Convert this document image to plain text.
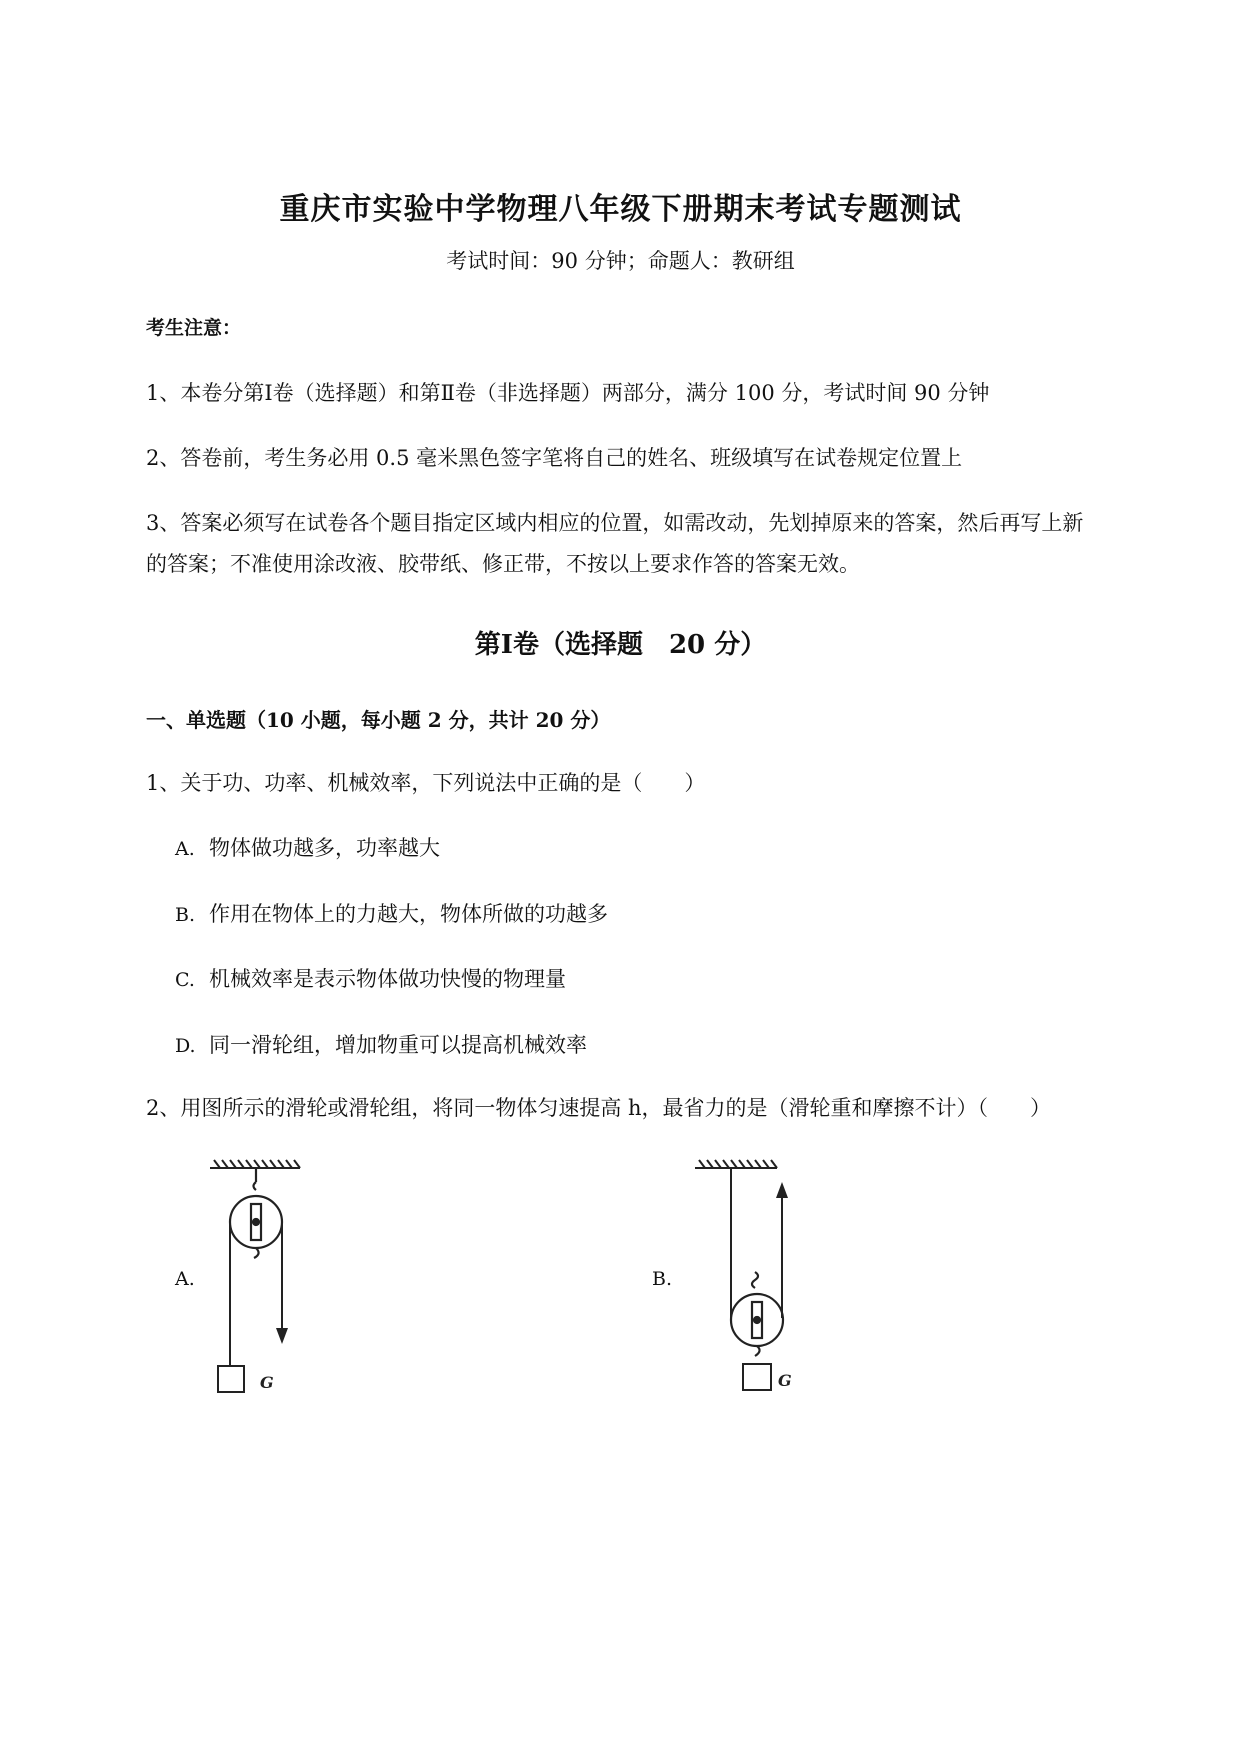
重庆市实验中学物理八年级下册期末考试专题测试
考试时间：90 分钟；命题人：教研组
考生注意：
1、本卷分第Ⅰ卷（选择题）和第Ⅱ卷（非选择题）两部分，满分 100 分，考试时间 90 分钟
2、答卷前，考生务必用 0.5 毫米黑色签字笔将自己的姓名、班级填写在试卷规定位置上
3、答案必须写在试卷各个题目指定区域内相应的位置，如需改动，先划掉原来的答案，然后再写上新
的答案；不准使用涂改液、胶带纸、修正带，不按以上要求作答的答案无效。
第Ⅰ卷（选择题　20 分）
一、单选题（10 小题，每小题 2 分，共计 20 分）
1、关于功、功率、机械效率，下列说法中正确的是（　　）
A. 物体做功越多，功率越大
B. 作用在物体上的力越大，物体所做的功越多
C. 机械效率是表示物体做功快慢的物理量
D. 同一滑轮组，增加物重可以提高机械效率
2、用图所示的滑轮或滑轮组，将同一物体匀速提高 h，最省力的是（滑轮重和摩擦不计）（　　）
A.
G
B.
G
